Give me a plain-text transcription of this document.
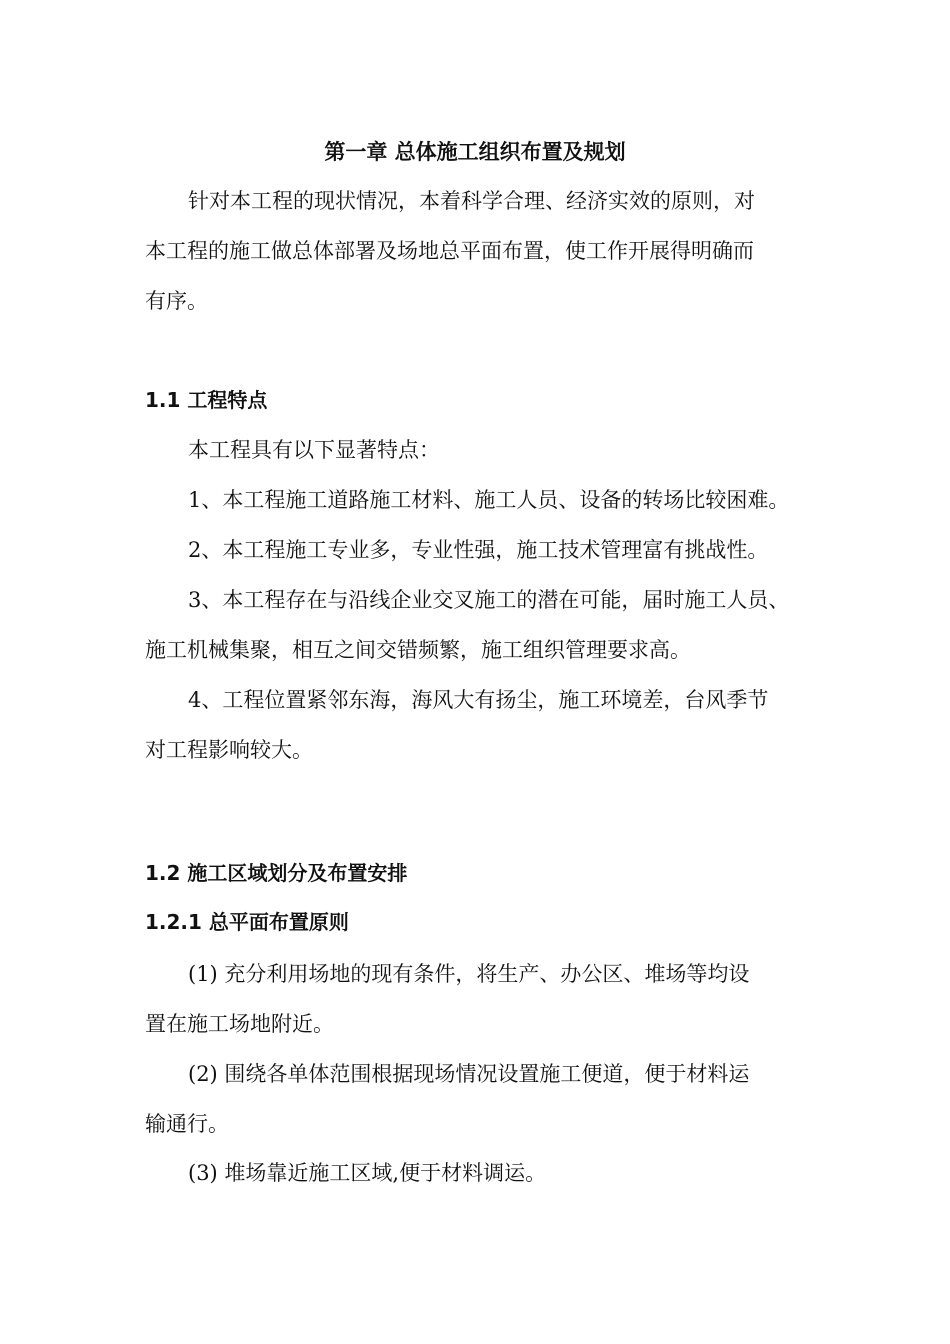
第一章 总体施工组织布置及规划
针对本工程的现状情况，本着科学合理、经济实效的原则，对
本工程的施工做总体部署及场地总平面布置，使工作开展得明确而
有序。
1.1 工程特点
本工程具有以下显著特点：
1、本工程施工道路施工材料、施工人员、设备的转场比较困难。
2、本工程施工专业多，专业性强，施工技术管理富有挑战性。
3、本工程存在与沿线企业交叉施工的潜在可能，届时施工人员、
施工机械集聚，相互之间交错频繁，施工组织管理要求高。
4、工程位置紧邻东海，海风大有扬尘，施工环境差，台风季节
对工程影响较大。
1.2 施工区域划分及布置安排
1.2.1 总平面布置原则
(1) 充分利用场地的现有条件，将生产、办公区、堆场等均设
置在施工场地附近。
(2) 围绕各单体范围根据现场情况设置施工便道，便于材料运
输通行。
(3) 堆场靠近施工区域,便于材料调运。
